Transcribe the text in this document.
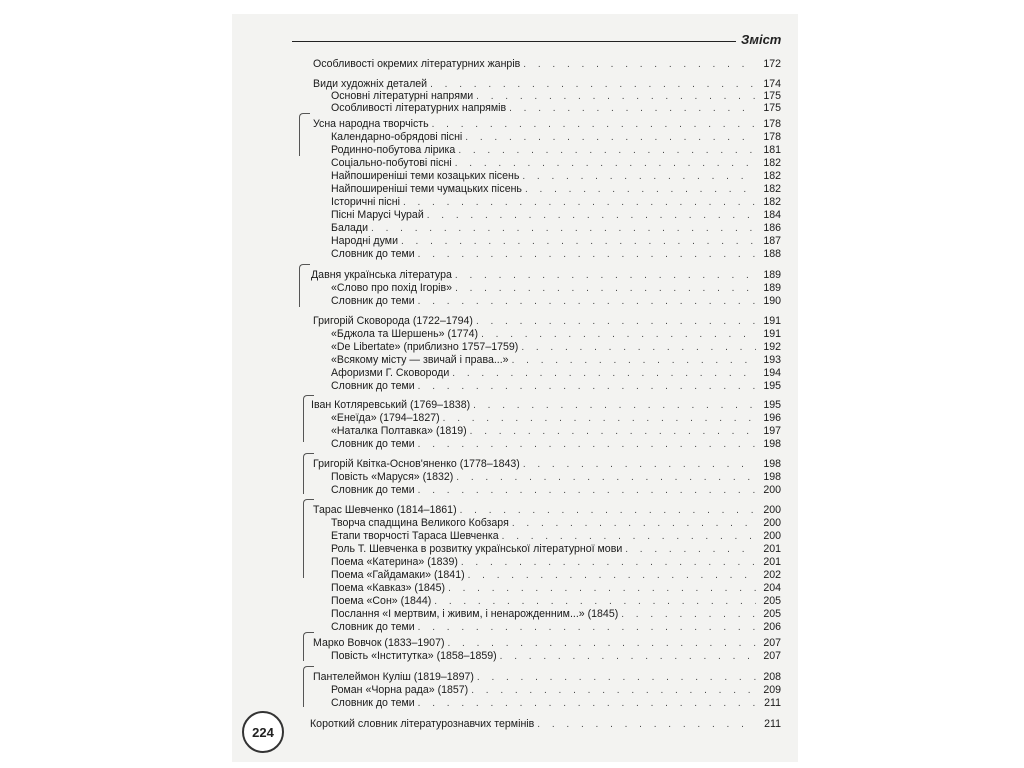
Зміст
Особливості окремих літературних жанрів . . .	172
Види художніх деталей . . .	174
Основні літературні напрями . . .	175
Особливості літературних напрямів . . .	175
Усна народна творчість . . .	178
Календарно-обрядові пісні . . .	178
Родинно-побутова лірика . . .	181
Соціально-побутові пісні . . .	182
Найпоширеніші теми козацьких пісень . . .	182
Найпоширеніші теми чумацьких пісень . . .	182
Історичні пісні . . .	182
Пісні Марусі Чурай . . .	184
Балади . . .	186
Народні думи . . .	187
Словник до теми . . .	188
Давня українська література . . .	189
«Слово про похід Ігорів» . . .	189
Словник до теми . . .	190
Григорій Сковорода (1722–1794) . . .	191
«Бджола та Шершень» (1774) . . .	191
«De Libertate» (приблизно 1757–1759) . . .	192
«Всякому місту — звичай і права...» . . .	193
Афоризми Г. Сковороди . . .	194
Словник до теми . . .	195
Іван Котляревський (1769–1838) . . .	195
«Енеїда» (1794–1827) . . .	196
«Наталка Полтавка» (1819) . . .	197
Словник до теми . . .	198
Григорій Квітка-Основ'яненко (1778–1843) . . .	198
Повість «Маруся» (1832) . . .	198
Словник до теми . . .	200
Тарас Шевченко (1814–1861) . . .	200
Творча спадщина Великого Кобзаря . . .	200
Етапи творчості Тараса Шевченка . . .	200
Роль Т. Шевченка в розвитку української літературної мови . . .	201
Поема «Катерина» (1839) . . .	201
Поема «Гайдамаки» (1841) . . .	202
Поема «Кавказ» (1845) . . .	204
Поема «Сон» (1844) . . .	205
Послання «І мертвим, і живим, і ненарожденним...» (1845) . . .	205
Словник до теми . . .	206
Марко Вовчок (1833–1907) . . .	207
Повість «Інститутка» (1858–1859) . . .	207
Пантелеймон Куліш (1819–1897) . . .	208
Роман «Чорна рада» (1857) . . .	209
Словник до теми . . .	211
Короткий словник літературознавчих термінів . . .	211
224
